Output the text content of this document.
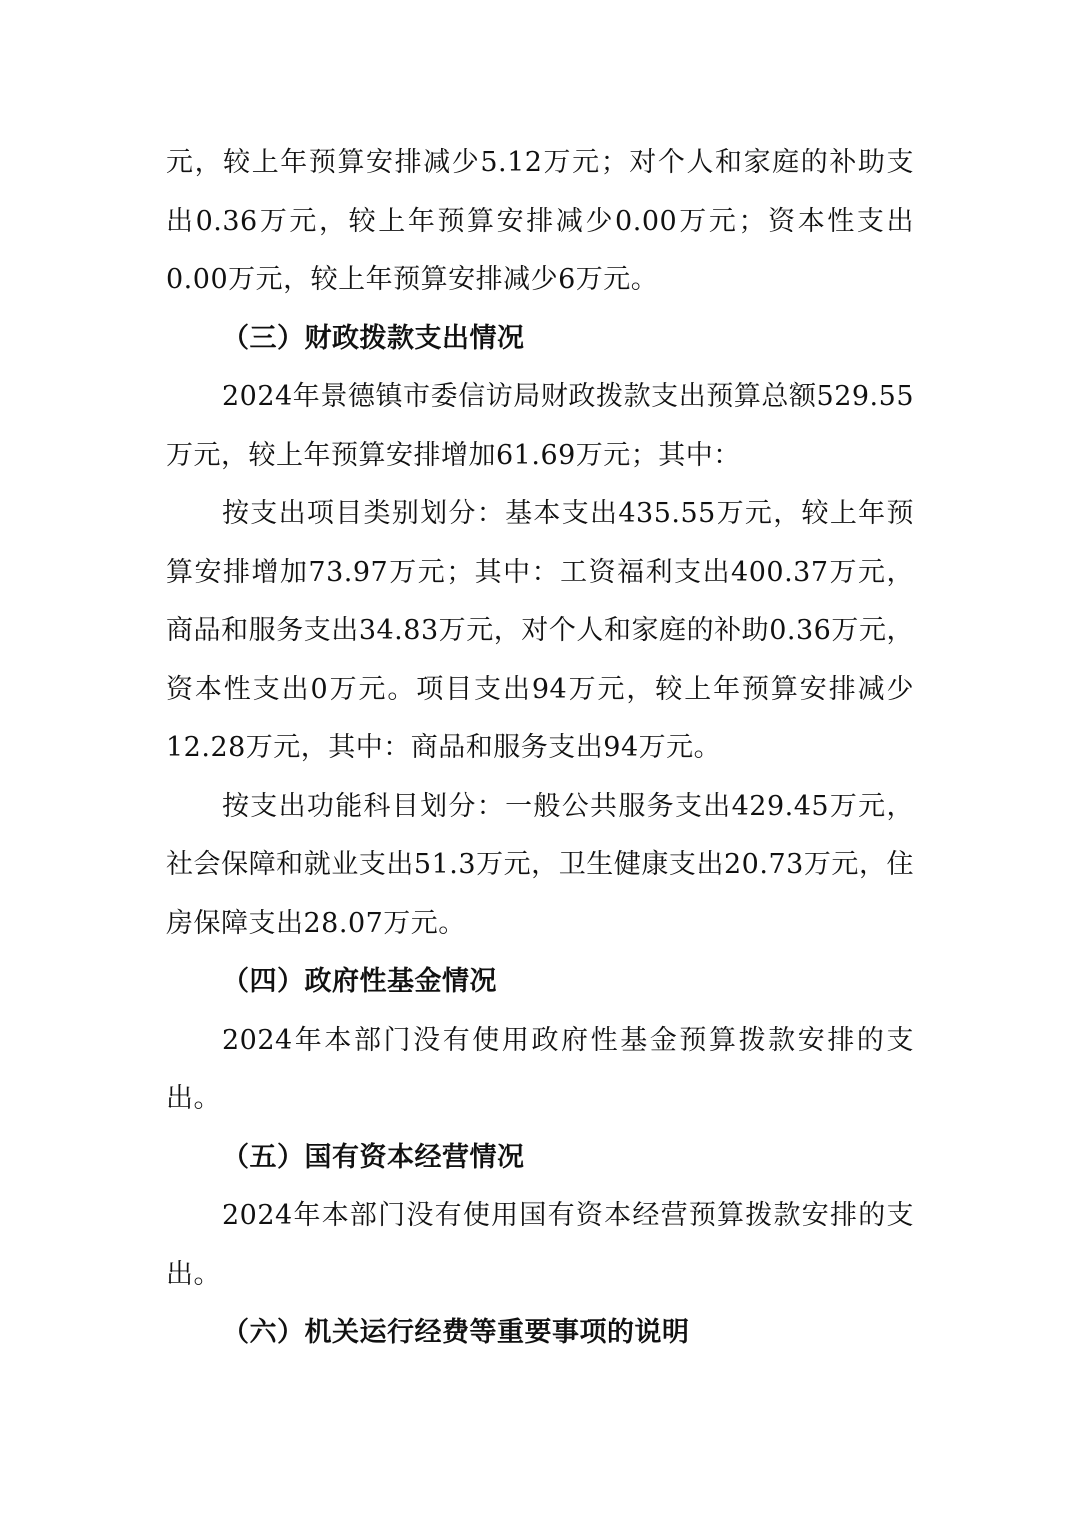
元，较上年预算安排减少5.12万元；对个人和家庭的补助支出0.36万元，较上年预算安排减少0.00万元；资本性支出0.00万元，较上年预算安排减少6万元。

（三）财政拨款支出情况

2024年景德镇市委信访局财政拨款支出预算总额529.55万元，较上年预算安排增加61.69万元；其中：

按支出项目类别划分：基本支出435.55万元，较上年预算安排增加73.97万元；其中：工资福利支出400.37万元，商品和服务支出34.83万元，对个人和家庭的补助0.36万元，资本性支出0万元。项目支出94万元，较上年预算安排减少12.28万元，其中：商品和服务支出94万元。

按支出功能科目划分：一般公共服务支出429.45万元，社会保障和就业支出51.3万元，卫生健康支出20.73万元，住房保障支出28.07万元。

（四）政府性基金情况

2024年本部门没有使用政府性基金预算拨款安排的支出。

（五）国有资本经营情况

2024年本部门没有使用国有资本经营预算拨款安排的支出。

（六）机关运行经费等重要事项的说明
